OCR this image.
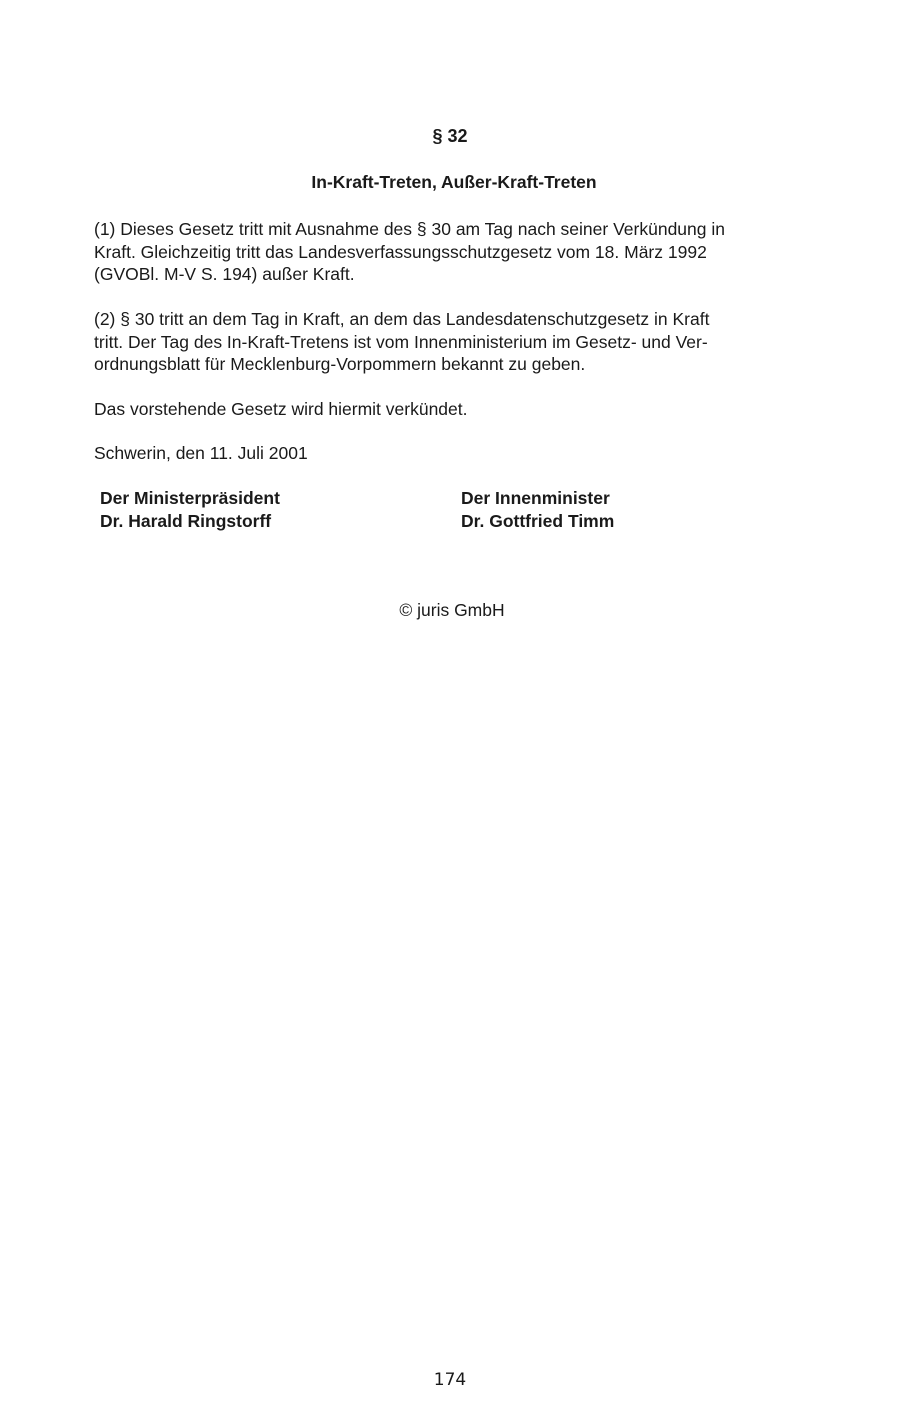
§ 32
In-Kraft-Treten, Außer-Kraft-Treten
(1) Dieses Gesetz tritt mit Ausnahme des § 30 am Tag nach seiner Verkündung in
Kraft. Gleichzeitig tritt das Landesverfassungsschutzgesetz vom 18. März 1992
(GVOBl. M-V S. 194) außer Kraft.
(2) § 30 tritt an dem Tag in Kraft, an dem das Landesdatenschutzgesetz in Kraft
tritt. Der Tag des In-Kraft-Tretens ist vom Innenministerium im Gesetz- und Ver-
ordnungsblatt für Mecklenburg-Vorpommern bekannt zu geben.
Das vorstehende Gesetz wird hiermit verkündet.
Schwerin, den 11. Juli 2001
Der Ministerpräsident
Dr. Harald Ringstorff
Der Innenminister
Dr. Gottfried Timm
© juris GmbH
174
